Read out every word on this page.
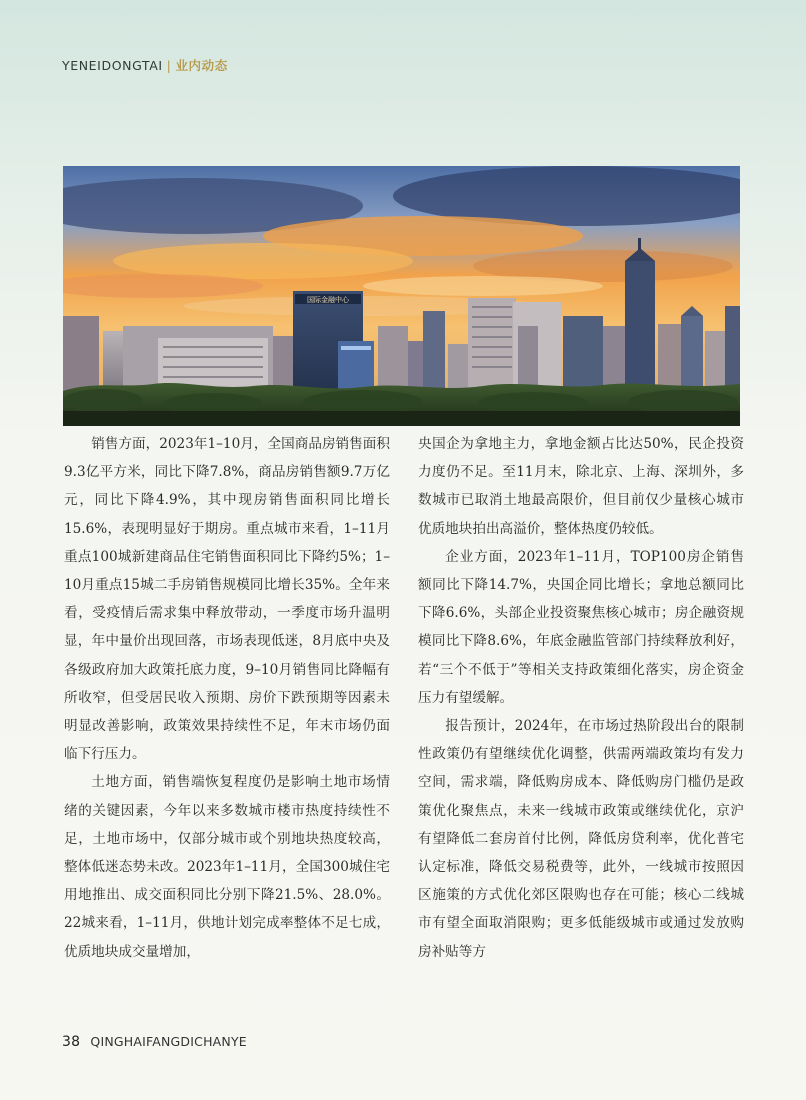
YENEIDONGTAI | 业内动态
国际金融中心

销售方面，2023年1–10月，全国商品房销售面积9.3亿平方米，同比下降7.8%，商品房销售额9.7万亿元，同比下降4.9%，其中现房销售面积同比增长15.6%，表现明显好于期房。重点城市来看，1–11月重点100城新建商品住宅销售面积同比下降约5%；1–10月重点15城二手房销售规模同比增长35%。全年来看，受疫情后需求集中释放带动，一季度市场升温明显，年中量价出现回落，市场表现低迷，8月底中央及各级政府加大政策托底力度，9–10月销售同比降幅有所收窄，但受居民收入预期、房价下跌预期等因素未明显改善影响，政策效果持续性不足，年末市场仍面临下行压力。

土地方面，销售端恢复程度仍是影响土地市场情绪的关键因素，今年以来多数城市楼市热度持续性不足，土地市场中，仅部分城市或个别地块热度较高，整体低迷态势未改。2023年1–11月，全国300城住宅用地推出、成交面积同比分别下降21.5%、28.0%。22城来看，1–11月，供地计划完成率整体不足七成，优质地块成交量增加，

央国企为拿地主力，拿地金额占比达50%，民企投资力度仍不足。至11月末，除北京、上海、深圳外，多数城市已取消土地最高限价，但目前仅少量核心城市优质地块拍出高溢价，整体热度仍较低。

企业方面，2023年1–11月，TOP100房企销售额同比下降14.7%，央国企同比增长；拿地总额同比下降6.6%，头部企业投资聚焦核心城市；房企融资规模同比下降8.6%，年底金融监管部门持续释放利好，若“三个不低于”等相关支持政策细化落实，房企资金压力有望缓解。

报告预计，2024年，在市场过热阶段出台的限制性政策仍有望继续优化调整，供需两端政策均有发力空间，需求端，降低购房成本、降低购房门槛仍是政策优化聚焦点，未来一线城市政策或继续优化，京沪有望降低二套房首付比例，降低房贷利率，优化普宅认定标准，降低交易税费等，此外，一线城市按照因区施策的方式优化郊区限购也存在可能；核心二线城市有望全面取消限购；更多低能级城市或通过发放购房补贴等方

38 QINGHAIFANGDICHANYE
